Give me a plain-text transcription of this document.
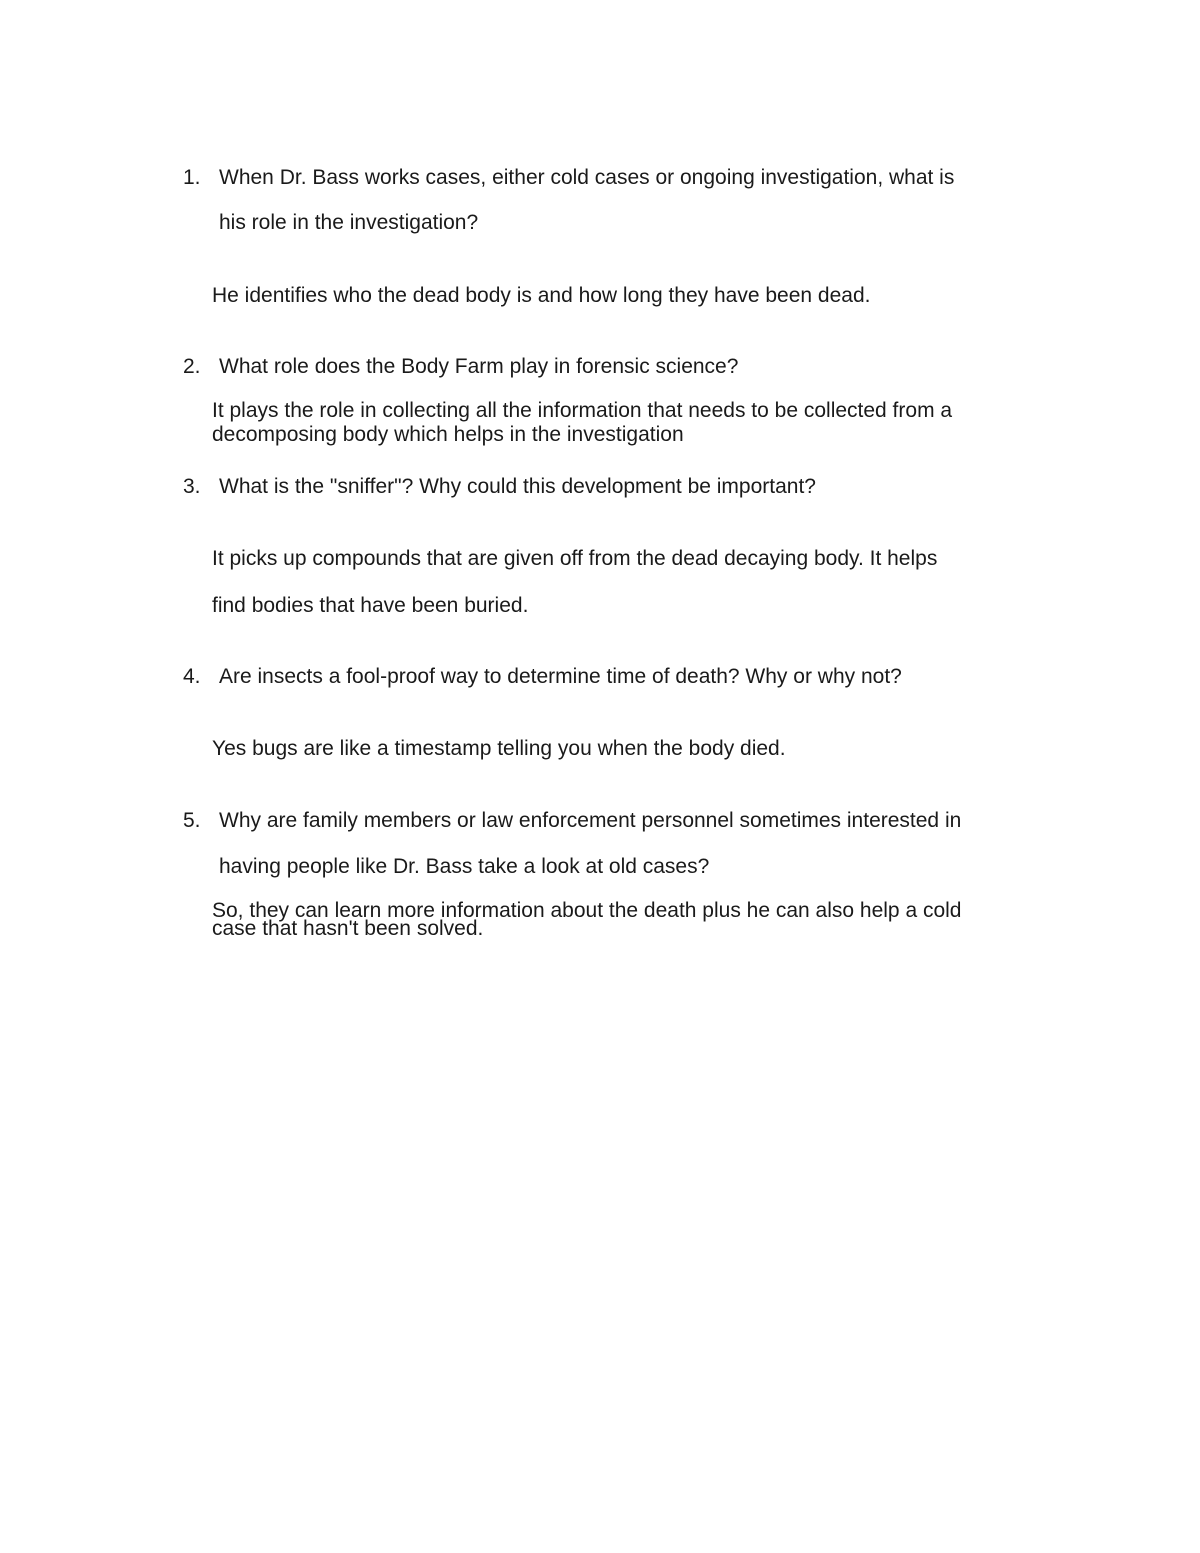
1. When Dr. Bass works cases, either cold cases or ongoing investigation, what is
his role in the investigation?
He identifies who the dead body is and how long they have been dead.
2. What role does the Body Farm play in forensic science?
It plays the role in collecting all the information that needs to be collected from a
decomposing body which helps in the investigation
3. What is the "sniffer"? Why could this development be important?
It picks up compounds that are given off from the dead decaying body. It helps
find bodies that have been buried.
4. Are insects a fool-proof way to determine time of death? Why or why not?
Yes bugs are like a timestamp telling you when the body died.
5. Why are family members or law enforcement personnel sometimes interested in
having people like Dr. Bass take a look at old cases?
So, they can learn more information about the death plus he can also help a cold
case that hasn't been solved.
